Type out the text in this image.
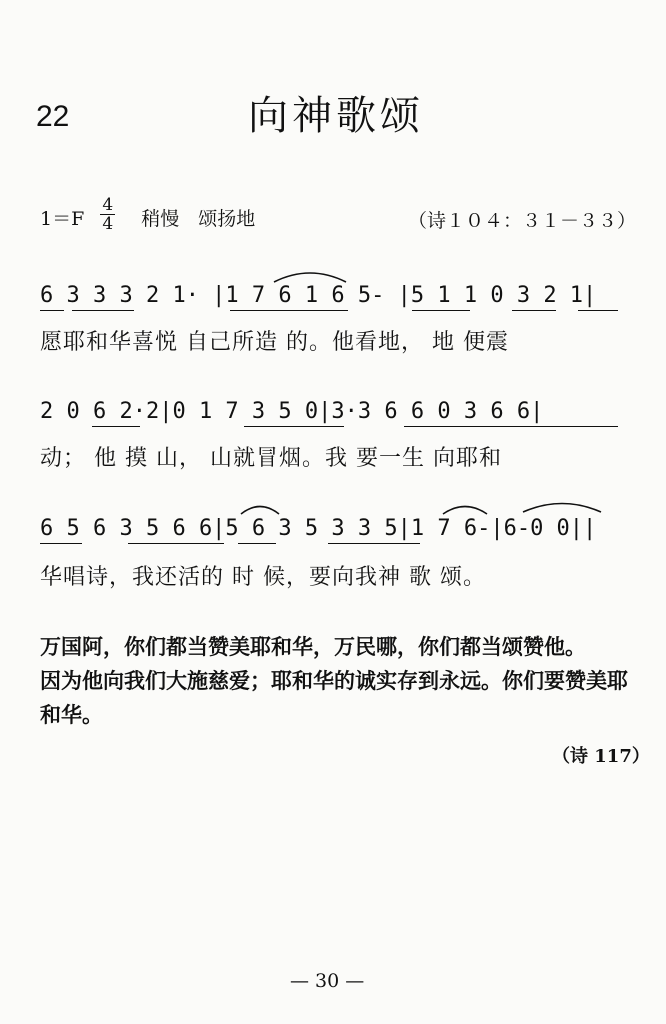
22	向神歌颂
$1=F \frac{4}{4}$ 稍慢　颂扬地	（诗１０４：３１－３３）
6 3 3 3 2 1· |1 7 6 1 6 5- |5 1 1 0 3 2 1|
愿耶和华喜悦 自己所造 的。他看地， 地 便震
2 0 6 2·2|0 1 7 3 5 0|3·3 6 6 0 3 6 6|
动； 他 摸 山， 山就冒烟。我 要一生 向耶和
6 5 6 3 5 6 6|5 6 3 5 3 3 5|1 7 6-|6-0 0||
华唱诗，我还活的 时 候，要向我神 歌 颂。

万国阿，你们都当赞美耶和华，万民哪，你们都当颂赞他。

因为他向我们大施慈爱；耶和华的诚实存到永远。你们要赞美耶和华。

（诗 117）
— 30 —
